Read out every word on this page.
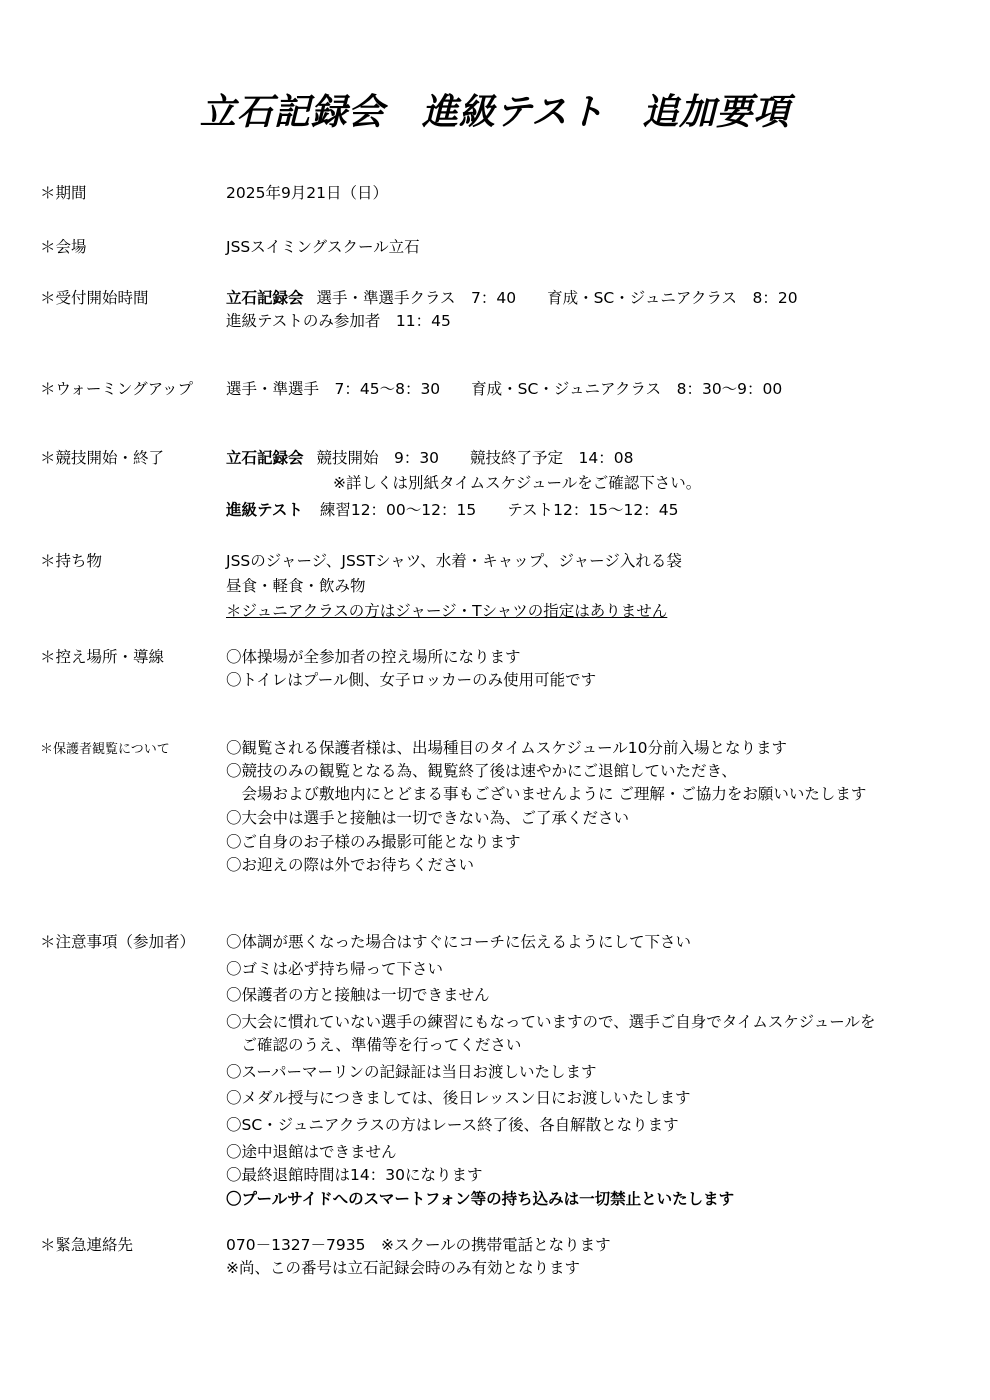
立石記録会　進級テスト　追加要項
＊期間	2025年9月21日（日）
＊会場	JSSスイミングスクール立石
＊受付開始時間	立石記録会 選手・準選手クラス　7：40　　育成・SC・ジュニアクラス　8：20
進級テストのみ参加者　11：45
＊ウォーミングアップ 選手・準選手　7：45～8：30　　育成・SC・ジュニアクラス　8：30～9：00
＊競技開始・終了	立石記録会 競技開始　9：30　　競技終了予定　14：08
※詳しくは別紙タイムスケジュールをご確認下さい。
進級テスト 練習12：00～12：15　　テスト12：15～12：45
＊持ち物	JSSのジャージ、JSSTシャツ、水着・キャップ、ジャージ入れる袋
昼食・軽食・飲み物
＊ジュニアクラスの方はジャージ・Tシャツの指定はありません
＊控え場所・導線	〇体操場が全参加者の控え場所になります
〇トイレはプール側、女子ロッカーのみ使用可能です
＊保護者観覧について	〇観覧される保護者様は、出場種目のタイムスケジュール10分前入場となります
〇競技のみの観覧となる為、観覧終了後は速やかにご退館していただき、
　会場および敷地内にとどまる事もございませんように ご理解・ご協力をお願いいたします
〇大会中は選手と接触は一切できない為、ご了承ください
〇ご自身のお子様のみ撮影可能となります
〇お迎えの際は外でお待ちください
＊注意事項（参加者） 〇体調が悪くなった場合はすぐにコーチに伝えるようにして下さい
〇ゴミは必ず持ち帰って下さい
〇保護者の方と接触は一切できません
〇大会に慣れていない選手の練習にもなっていますので、選手ご自身でタイムスケジュールを
　ご確認のうえ、準備等を行ってください
〇スーパーマーリンの記録証は当日お渡しいたします
〇メダル授与につきましては、後日レッスン日にお渡しいたします
〇SC・ジュニアクラスの方はレース終了後、各自解散となります
〇途中退館はできません
〇最終退館時間は14：30になります
〇プールサイドへのスマートフォン等の持ち込みは一切禁止といたします
＊緊急連絡先	070－1327－7935　※スクールの携帯電話となります
※尚、この番号は立石記録会時のみ有効となります
